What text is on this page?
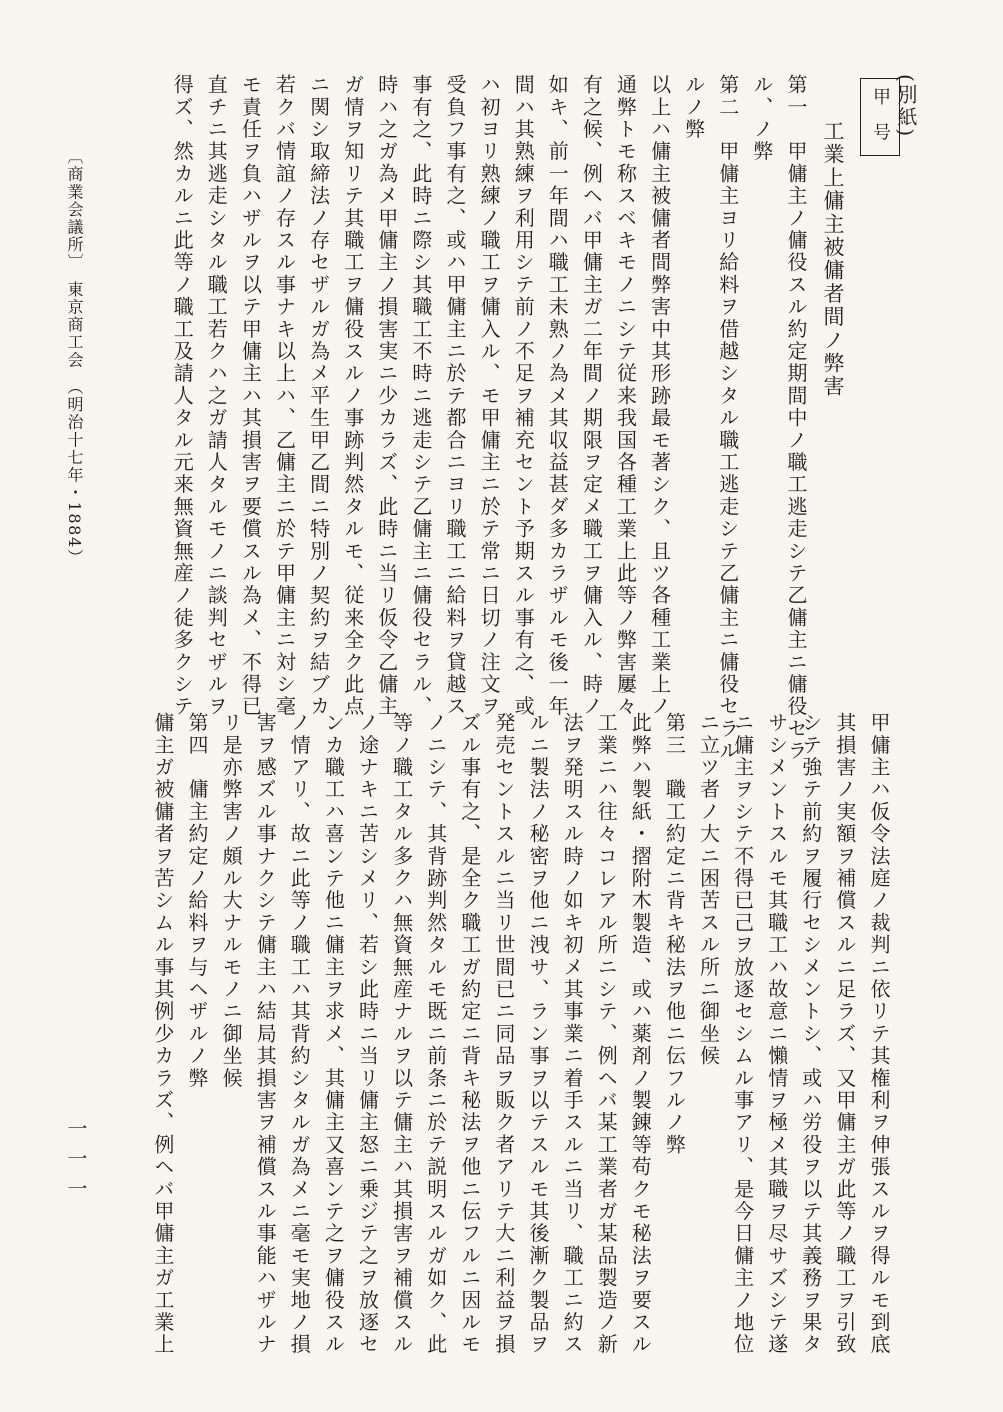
(別紙)
甲 号
工業上傭主被傭者間ノ弊害
第一　甲傭主ノ傭役スル約定期間中ノ職工逃走シテ乙傭主ニ傭役セラ
ル、ノ弊
第二　甲傭主ヨリ給料ヲ借越シタル職工逃走シテ乙傭主ニ傭役セラル
ルノ弊
以上ハ傭主被傭者間弊害中其形跡最モ著シク、且ツ各種工業上ノ
通弊トモ称スベキモノニシテ従来我国各種工業上此等ノ弊害屢々
有之候、例ヘバ甲傭主ガ二年間ノ期限ヲ定メ職工ヲ傭入ル、時ノ
如キ、前一年間ハ職工未熟ノ為メ其収益甚ダ多カラザルモ後一年
間ハ其熟練ヲ利用シテ前ノ不足ヲ補充セント予期スル事有之、或
ハ初ヨリ熟練ノ職工ヲ傭入ル、モ甲傭主ニ於テ常ニ日切ノ注文ヲ
受負フ事有之、或ハ甲傭主ニ於テ都合ニヨリ職工ニ給料ヲ貸越ス
事有之、此時ニ際シ其職工不時ニ逃走シテ乙傭主ニ傭役セラル、
時ハ之ガ為メ甲傭主ノ損害実ニ少カラズ、此時ニ当リ仮令乙傭主
ガ情ヲ知リテ其職工ヲ傭役スルノ事跡判然タルモ、従来全ク此点
ニ関シ取締法ノ存セザルガ為メ平生甲乙間ニ特別ノ契約ヲ結ブカ
若クバ情誼ノ存スル事ナキ以上ハ、乙傭主ニ於テ甲傭主ニ対シ毫
モ責任ヲ負ハザルヲ以テ甲傭主ハ其損害ヲ要償スル為メ、不得已
直チニ其逃走シタル職工若クハ之ガ請人タルモノニ談判セザルヲ
得ズ、然カルニ此等ノ職工及請人タル元来無資無産ノ徒多クシテ
甲傭主ハ仮令法庭ノ裁判ニ依リテ其権利ヲ伸張スルヲ得ルモ到底
其損害ノ実額ヲ補償スルニ足ラズ、又甲傭主ガ此等ノ職工ヲ引致
シテ強テ前約ヲ履行セシメントシ、或ハ労役ヲ以テ其義務ヲ果タ
サシメントスルモ其職工ハ故意ニ懶情ヲ極メ其職ヲ尽サズシテ遂
ニ傭主ヲシテ不得已己ヲ放逐セシムル事アリ、是今日傭主ノ地位
ニ立ツ者ノ大ニ困苦スル所ニ御坐候
第三　職工約定ニ背キ秘法ヲ他ニ伝フルノ弊
此弊ハ製紙・摺附木製造、或ハ薬剤ノ製錬等苟クモ秘法ヲ要スル
工業ニハ往々コレアル所ニシテ、例ヘバ某工業者ガ某品製造ノ新
法ヲ発明スル時ノ如キ初メ其事業ニ着手スルニ当リ、職工ニ約ス
ルニ製法ノ秘密ヲ他ニ洩サ、ラン事ヲ以テスルモ其後漸ク製品ヲ
発売セントスルニ当リ世間已ニ同品ヲ販ク者アリテ大ニ利益ヲ損
ズル事有之、是全ク職工ガ約定ニ背キ秘法ヲ他ニ伝フルニ因ルモ
ノニシテ、其背跡判然タルモ既ニ前条ニ於テ説明スルガ如ク、此
等ノ職工タル多クハ無資無産ナルヲ以テ傭主ハ其損害ヲ補償スル
ノ途ナキニ苦シメリ、若シ此時ニ当リ傭主怒ニ乗ジテ之ヲ放逐セ
ンカ職工ハ喜ンテ他ニ傭主ヲ求メ、其傭主又喜ンテ之ヲ傭役スル
ノ情アリ、故ニ此等ノ職工ハ其背約シタルガ為メニ毫モ実地ノ損
害ヲ感ズル事ナクシテ傭主ハ結局其損害ヲ補償スル事能ハザルナ
リ是亦弊害ノ頗ル大ナルモノニ御坐候
第四　傭主約定ノ給料ヲ与ヘザルノ弊
傭主ガ被傭者ヲ苦シムル事其例少カラズ、例ヘバ甲傭主ガ工業上
〔商業会議所〕　東京商工会　（明治十七年・1884）
一一一
